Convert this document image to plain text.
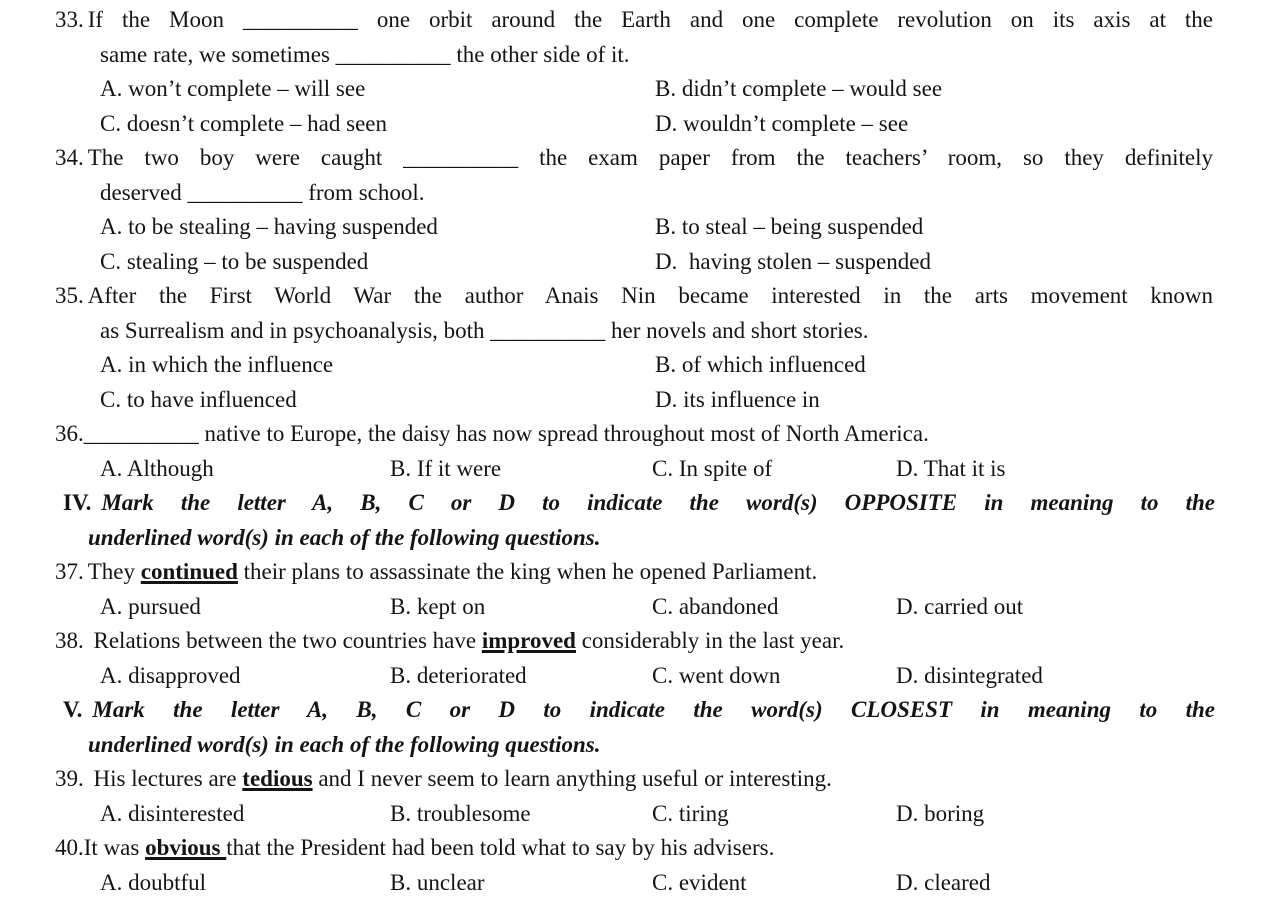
33. If the Moon __________ one orbit around the Earth and one complete revolution on its axis at the
same rate, we sometimes __________ the other side of it.
A. won’t complete – will see	B. didn’t complete – would see
C. doesn’t complete – had seen	D. wouldn’t complete – see
34. The two boy were caught __________ the exam paper from the teachers’ room, so they definitely
deserved __________ from school.
A. to be stealing – having suspended	B. to steal – being suspended
C. stealing – to be suspended	D.  having stolen – suspended
35. After the First World War the author Anais Nin became interested in the arts movement known
as Surrealism and in psychoanalysis, both __________ her novels and short stories.
A. in which the influence	B. of which influenced
C. to have influenced	D. its influence in
36.__________ native to Europe, the daisy has now spread throughout most of North America.
A. Although	B. If it were	C. In spite of	D. That it is
IV. Mark the letter A, B, C or D to indicate the word(s) OPPOSITE in meaning to the
underlined word(s) in each of the following questions.
37. They continued their plans to assassinate the king when he opened Parliament.
A. pursued	B. kept on	C. abandoned	D. carried out
38. Relations between the two countries have improved considerably in the last year.
A. disapproved	B. deteriorated	C. went down	D. disintegrated
V. Mark the letter A, B, C or D to indicate the word(s) CLOSEST in meaning to the
underlined word(s) in each of the following questions.
39. His lectures are tedious and I never seem to learn anything useful or interesting.
A. disinterested	B. troublesome	C. tiring	D. boring
40.It was obvious that the President had been told what to say by his advisers.
A. doubtful	B. unclear	C. evident	D. cleared
